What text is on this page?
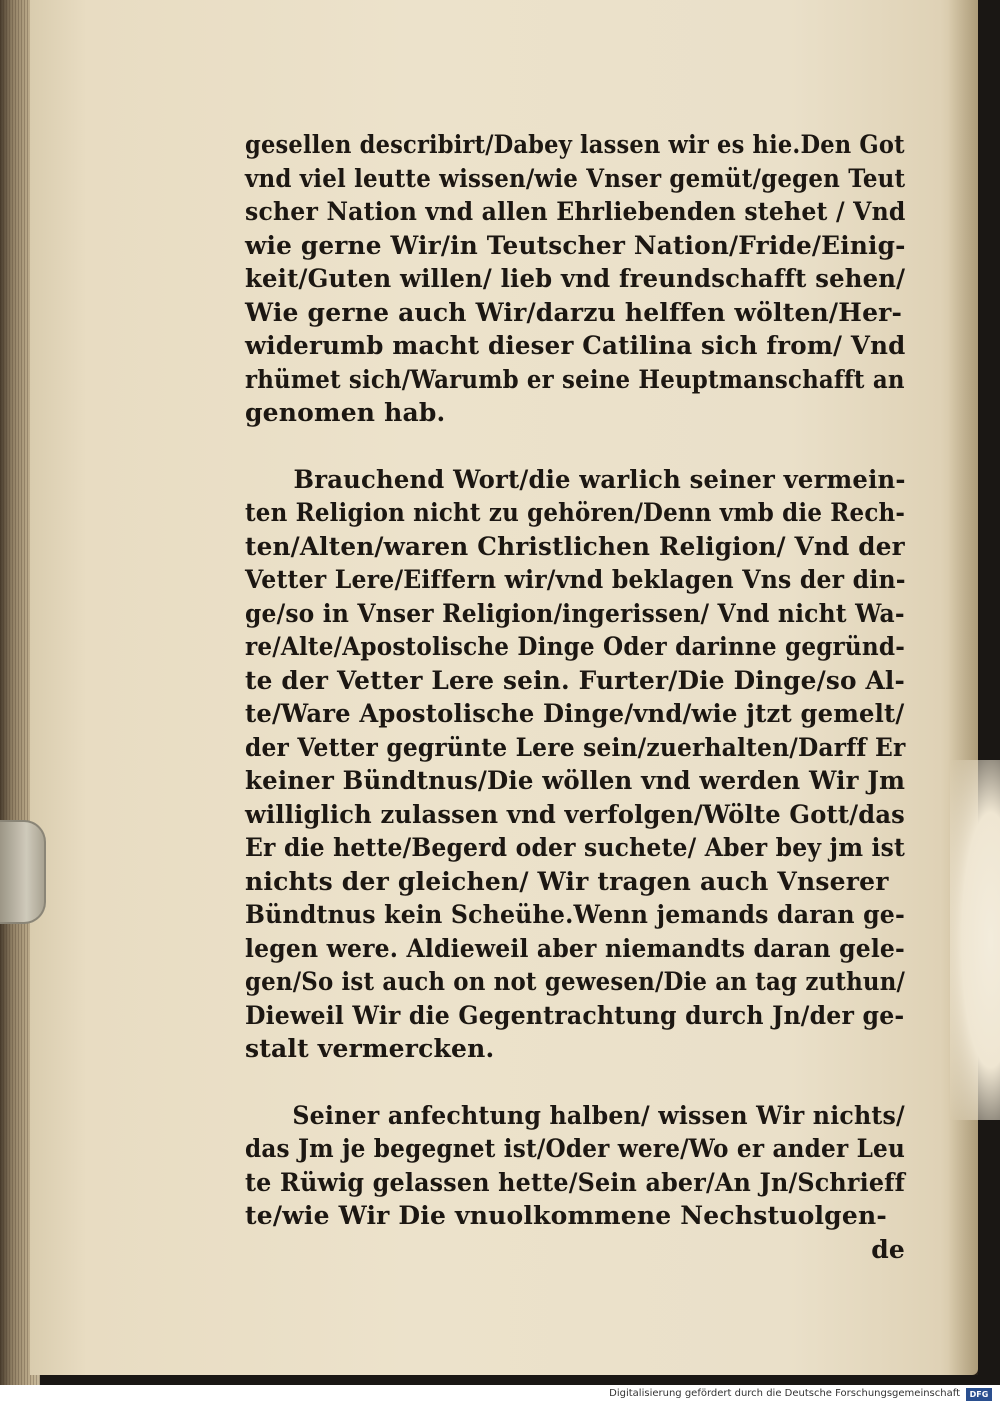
gesellen describirt/Dabey lassen wir es hie.Den Got
vnd viel leutte wissen/wie Vnser gemüt/gegen Teut
scher Nation vnd allen Ehrliebenden stehet / Vnd
wie gerne Wir/in Teutscher Nation/Fride/Einig-
keit/Guten willen/ lieb vnd freundschafft sehen/
Wie gerne auch Wir/darzu helffen wölten/Her-
widerumb macht dieser Catilina sich from/ Vnd
rhümet sich/Warumb er seine Heuptmanschafft an
genomen hab.
Brauchend Wort/die warlich seiner vermein-
ten Religion nicht zu gehören/Denn vmb die Rech-
ten/Alten/waren Christlichen Religion/ Vnd der
Vetter Lere/Eiffern wir/vnd beklagen Vns der din-
ge/so in Vnser Religion/ingerissen/ Vnd nicht Wa-
re/Alte/Apostolische Dinge Oder darinne gegründ-
te der Vetter Lere sein. Furter/Die Dinge/so Al-
te/Ware Apostolische Dinge/vnd/wie jtzt gemelt/
der Vetter gegrünte Lere sein/zuerhalten/Darff Er
keiner Bündtnus/Die wöllen vnd werden Wir Jm
williglich zulassen vnd verfolgen/Wölte Gott/das
Er die hette/Begerd oder suchete/ Aber bey jm ist
nichts der gleichen/ Wir tragen auch Vnserer
Bündtnus kein Scheühe.Wenn jemands daran ge-
legen were. Aldieweil aber niemandts daran gele-
gen/So ist auch on not gewesen/Die an tag zuthun/
Dieweil Wir die Gegentrachtung durch Jn/der ge-
stalt vermercken.
Seiner anfechtung halben/ wissen Wir nichts/
das Jm je begegnet ist/Oder were/Wo er ander Leu
te Rüwig gelassen hette/Sein aber/An Jn/Schrieff
te/wie Wir Die vnuolkommene Nechstuolgen-
de
Digitalisierung gefördert durch die Deutsche Forschungsgemeinschaft	DFG
